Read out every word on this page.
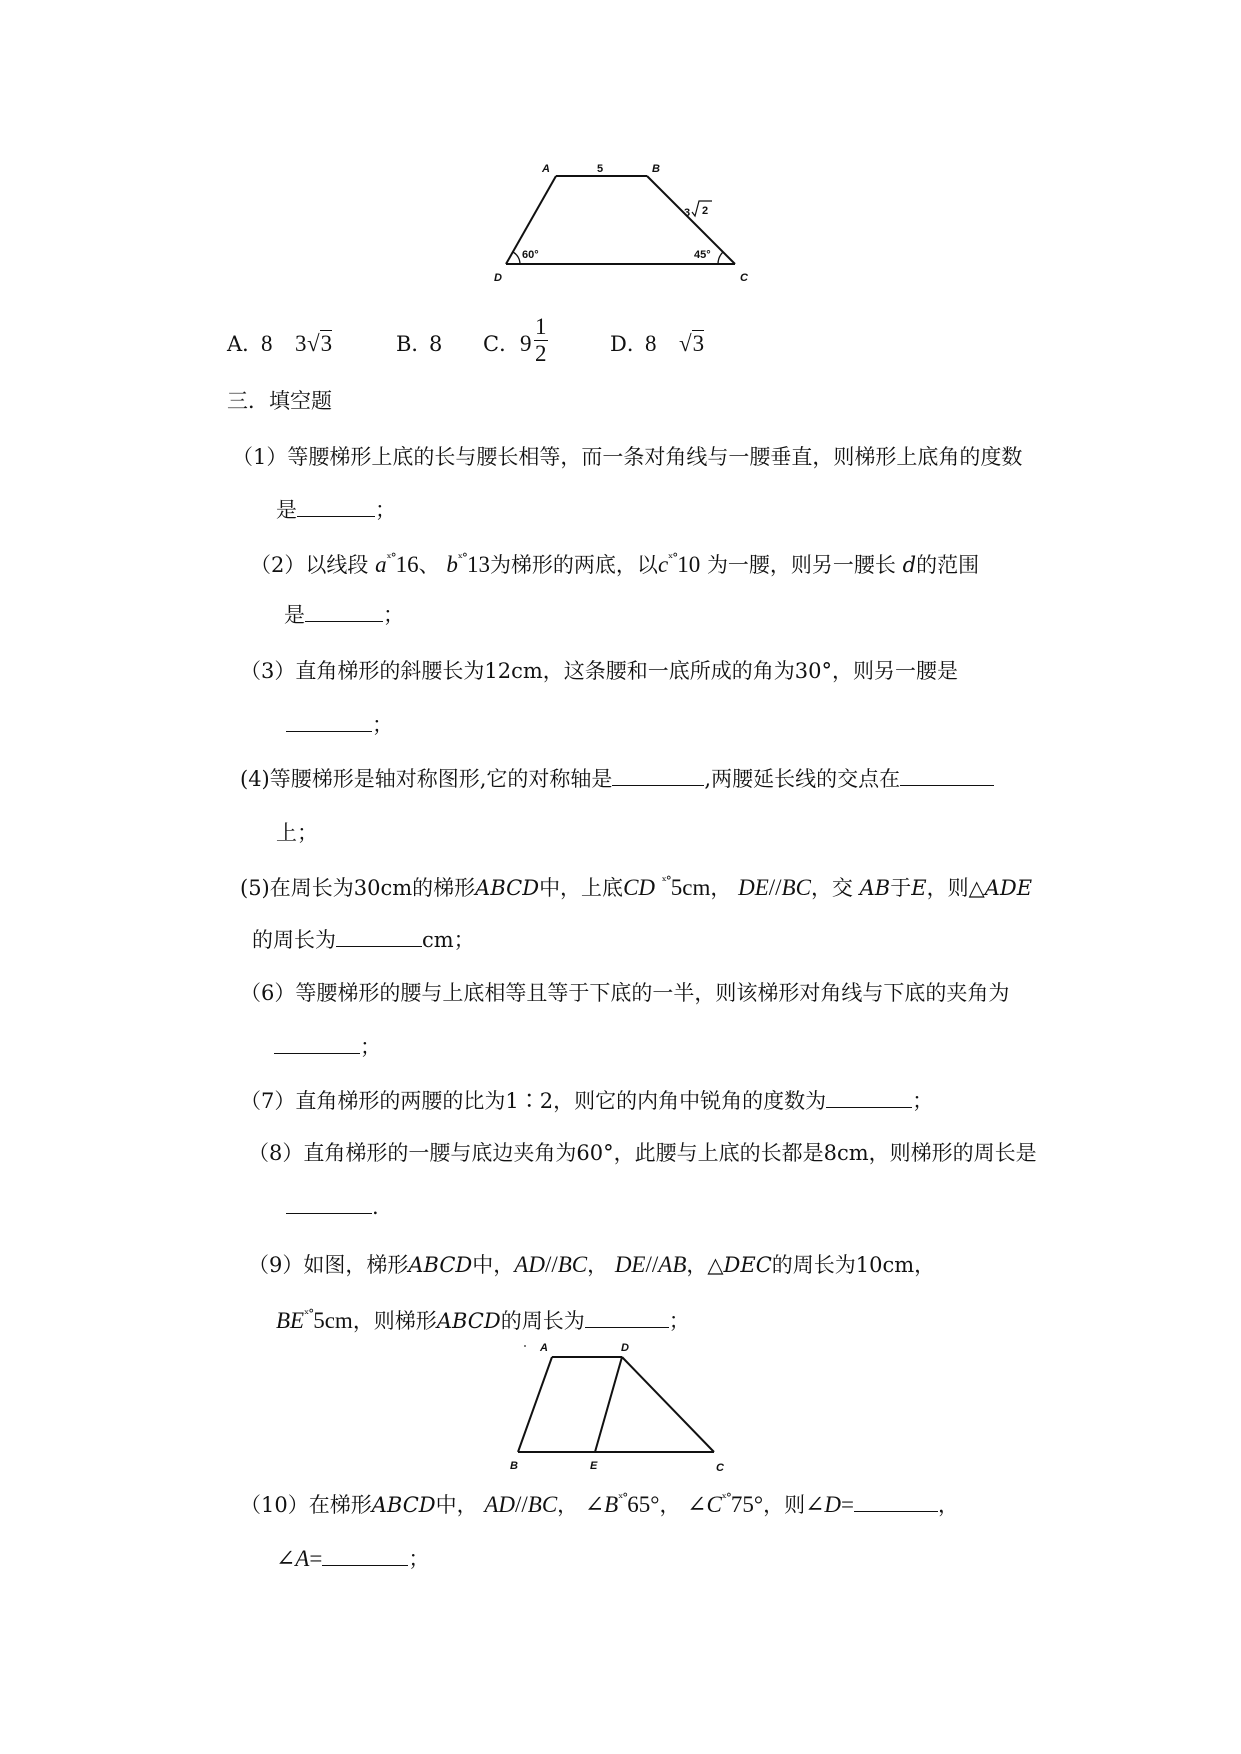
A	B
C
D
5
3 2
60°	45°
A．
8 3 √3	B．
8 C． $9 \frac{1}{2}$	D．
8 √3
三．填空题
（1）等腰梯形上底的长与腰长相等，而一条对角线与一腰垂直，则梯形上底角的度数
是	；
（2）以线段 $a^{ˣ^\circ}16$、 $b^{ˣ^\circ}13$为梯形的两底，以$c^{ˣ^\circ}10$ 为一腰，则另一腰长 d的范围
是	；
（3）直角梯形的斜腰长为12cm，这条腰和一底所成的角为30°，则另一腰是
；
(4)等腰梯形是轴对称图形,它的对称轴是	,两腰延长线的交点在
上；
(5)在周长为30cm的梯形ABCD中，上底CD $^{ˣ^\circ}$5cm， DE//BC，交 AB于E，则△ADE
的周长为	cm；
（6）等腰梯形的腰与上底相等且等于下底的一半，则该梯形对角线与下底的夹角为
；
（7）直角梯形的两腰的比为1∶2，则它的内角中锐角的度数为	；
（8）直角梯形的一腰与底边夹角为60°，此腰与上底的长都是8cm，则梯形的周长是
.
（9）如图，梯形ABCD中，AD//BC， DE//AB，△DEC的周长为10cm，
$BE^{ˣ^\circ}5cm$，则梯形ABCD的周长为	；
A	D
B	E	C
（10）在梯形ABCD中， AD//BC， $\angle B^{ˣ^\circ}65^\circ$， $\angle C^{ˣ^\circ}75^\circ$，则∠D=	，
∠A=	；
